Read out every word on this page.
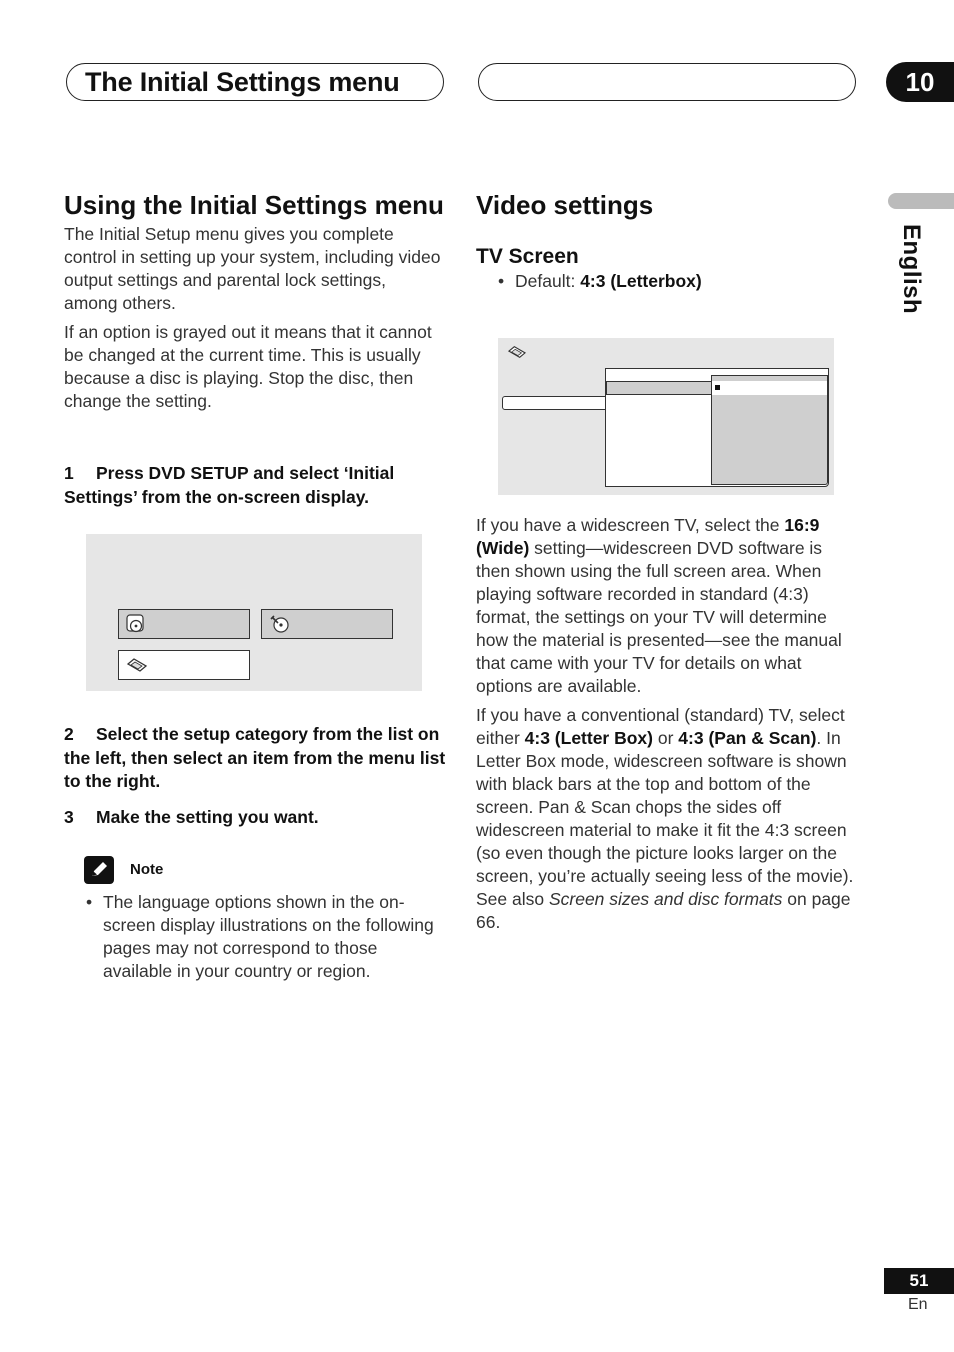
The Initial Settings menu	10
English
Using the Initial Settings menu

The Initial Setup menu gives you complete control in setting up your system, including video output settings and parental lock settings, among others.

If an option is grayed out it means that it cannot be changed at the current time. This is usually because a disc is playing. Stop the disc, then change the setting.

1 Press DVD SETUP and select ‘Initial Settings’ from the on-screen display.

2 Select the setup category from the list on the left, then select an item from the menu list to the right.

3 Make the setting you want.

Note
• The language options shown in the on-screen display illustrations on the following pages may not correspond to those available in your country or region.
Video settings
TV Screen
• Default: 4:3 (Letterbox)

If you have a widescreen TV, select the 16:9 (Wide) setting—widescreen DVD software is then shown using the full screen area. When playing software recorded in standard (4:3) format, the settings on your TV will determine how the material is presented—see the manual that came with your TV for details on what options are available.

If you have a conventional (standard) TV, select either 4:3 (Letter Box) or 4:3 (Pan & Scan). In Letter Box mode, widescreen software is shown with black bars at the top and bottom of the screen. Pan & Scan chops the sides off widescreen material to make it fit the 4:3 screen (so even though the picture looks larger on the screen, you’re actually seeing less of the movie). See also Screen sizes and disc formats on page 66.

51
En
